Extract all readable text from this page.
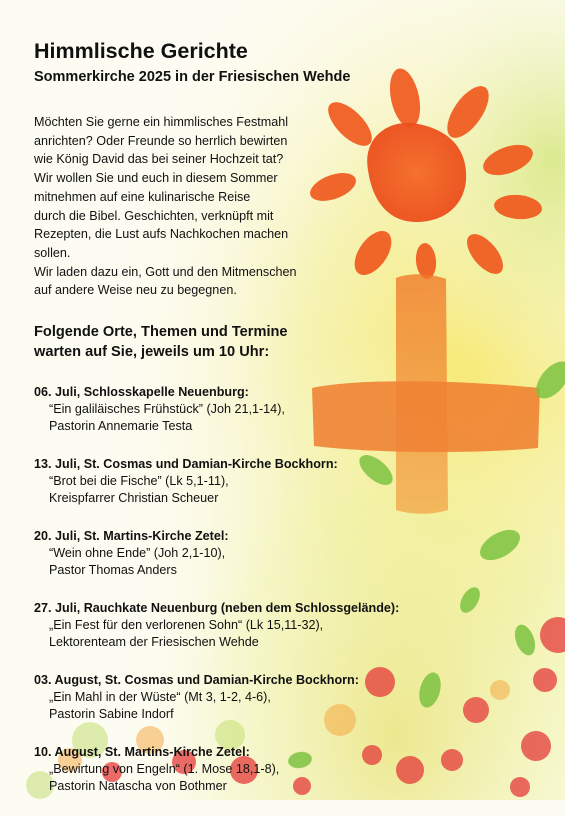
Himmlische Gerichte
Sommerkirche 2025 in der Friesischen Wehde
Möchten Sie gerne ein himmlisches Festmahl
anrichten? Oder Freunde so herrlich bewirten
wie König David das bei seiner Hochzeit tat?
Wir wollen Sie und euch in diesem Sommer
mitnehmen auf eine kulinarische Reise
durch die Bibel. Geschichten, verknüpft mit
Rezepten, die Lust aufs Nachkochen machen
sollen.
Wir laden dazu ein, Gott und den Mitmenschen
auf andere Weise neu zu begegnen.
Folgende Orte, Themen und Termine
warten auf Sie, jeweils um 10 Uhr:
06. Juli, Schlosskapelle Neuenburg:
“Ein galiläisches Frühstück” (Joh 21,1-14),
Pastorin Annemarie Testa
13. Juli, St. Cosmas und Damian-Kirche Bockhorn:
“Brot bei die Fische” (Lk 5,1-11),
Kreispfarrer Christian Scheuer
20. Juli, St. Martins-Kirche Zetel:
“Wein ohne Ende” (Joh 2,1-10),
Pastor Thomas Anders
27. Juli, Rauchkate Neuenburg (neben dem Schlossgelände):
„Ein Fest für den verlorenen Sohn“ (Lk 15,11-32),
Lektorenteam der Friesischen Wehde
03. August, St. Cosmas und Damian-Kirche Bockhorn:
„Ein Mahl in der Wüste“ (Mt 3, 1-2, 4-6),
Pastorin Sabine Indorf
10. August, St. Martins-Kirche Zetel:
„Bewirtung von Engeln“ (1. Mose 18,1-8),
Pastorin Natascha von Bothmer
